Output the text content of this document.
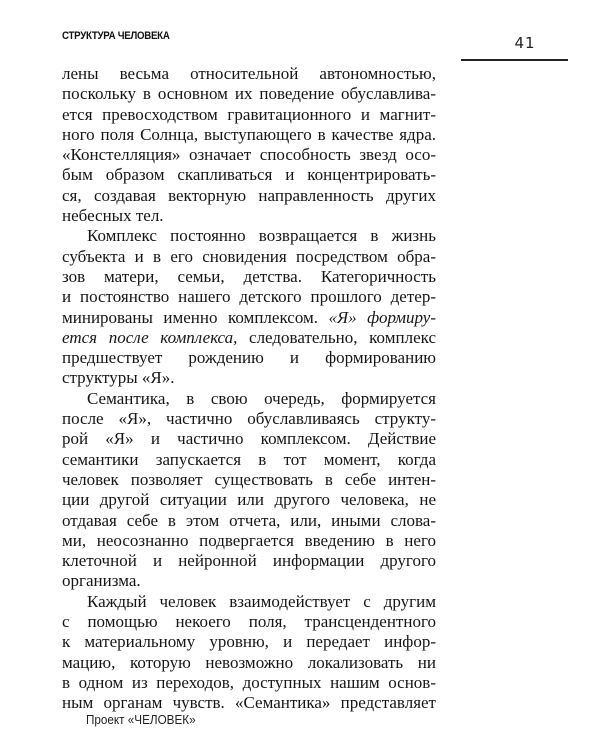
СТРУКТУРА ЧЕЛОВЕКА	41
лены весьма относительной автономностью,
поскольку в основном их поведение обуславлива-
ется превосходством гравитационного и магнит-
ного поля Солнца, выступающего в качестве ядра.
«Констелляция» означает способность звезд осо-
бым образом скапливаться и концентрировать-
ся, создавая векторную направленность других
небесных тел.
Комплекс постоянно возвращается в жизнь
субъекта и в его сновидения посредством обра-
зов матери, семьи, детства. Категоричность
и постоянство нашего детского прошлого детер-
минированы именно комплексом. «Я» формиру-
ется после комплекса, следовательно, комплекс
предшествует рождению и формированию
структуры «Я».
Семантика, в свою очередь, формируется
после «Я», частично обуславливаясь структу-
рой «Я» и частично комплексом. Действие
семантики запускается в тот момент, когда
человек позволяет существовать в себе интен-
ции другой ситуации или другого человека, не
отдавая себе в этом отчета, или, иными слова-
ми, неосознанно подвергается введению в него
клеточной и нейронной информации другого
организма.
Каждый человек взаимодействует с другим
с помощью некоего поля, трансцендентного
к материальному уровню, и передает инфор-
мацию, которую невозможно локализовать ни
в одном из переходов, доступных нашим основ-
ным органам чувств. «Семантика» представляет
Проект «ЧЕЛОВЕК»
